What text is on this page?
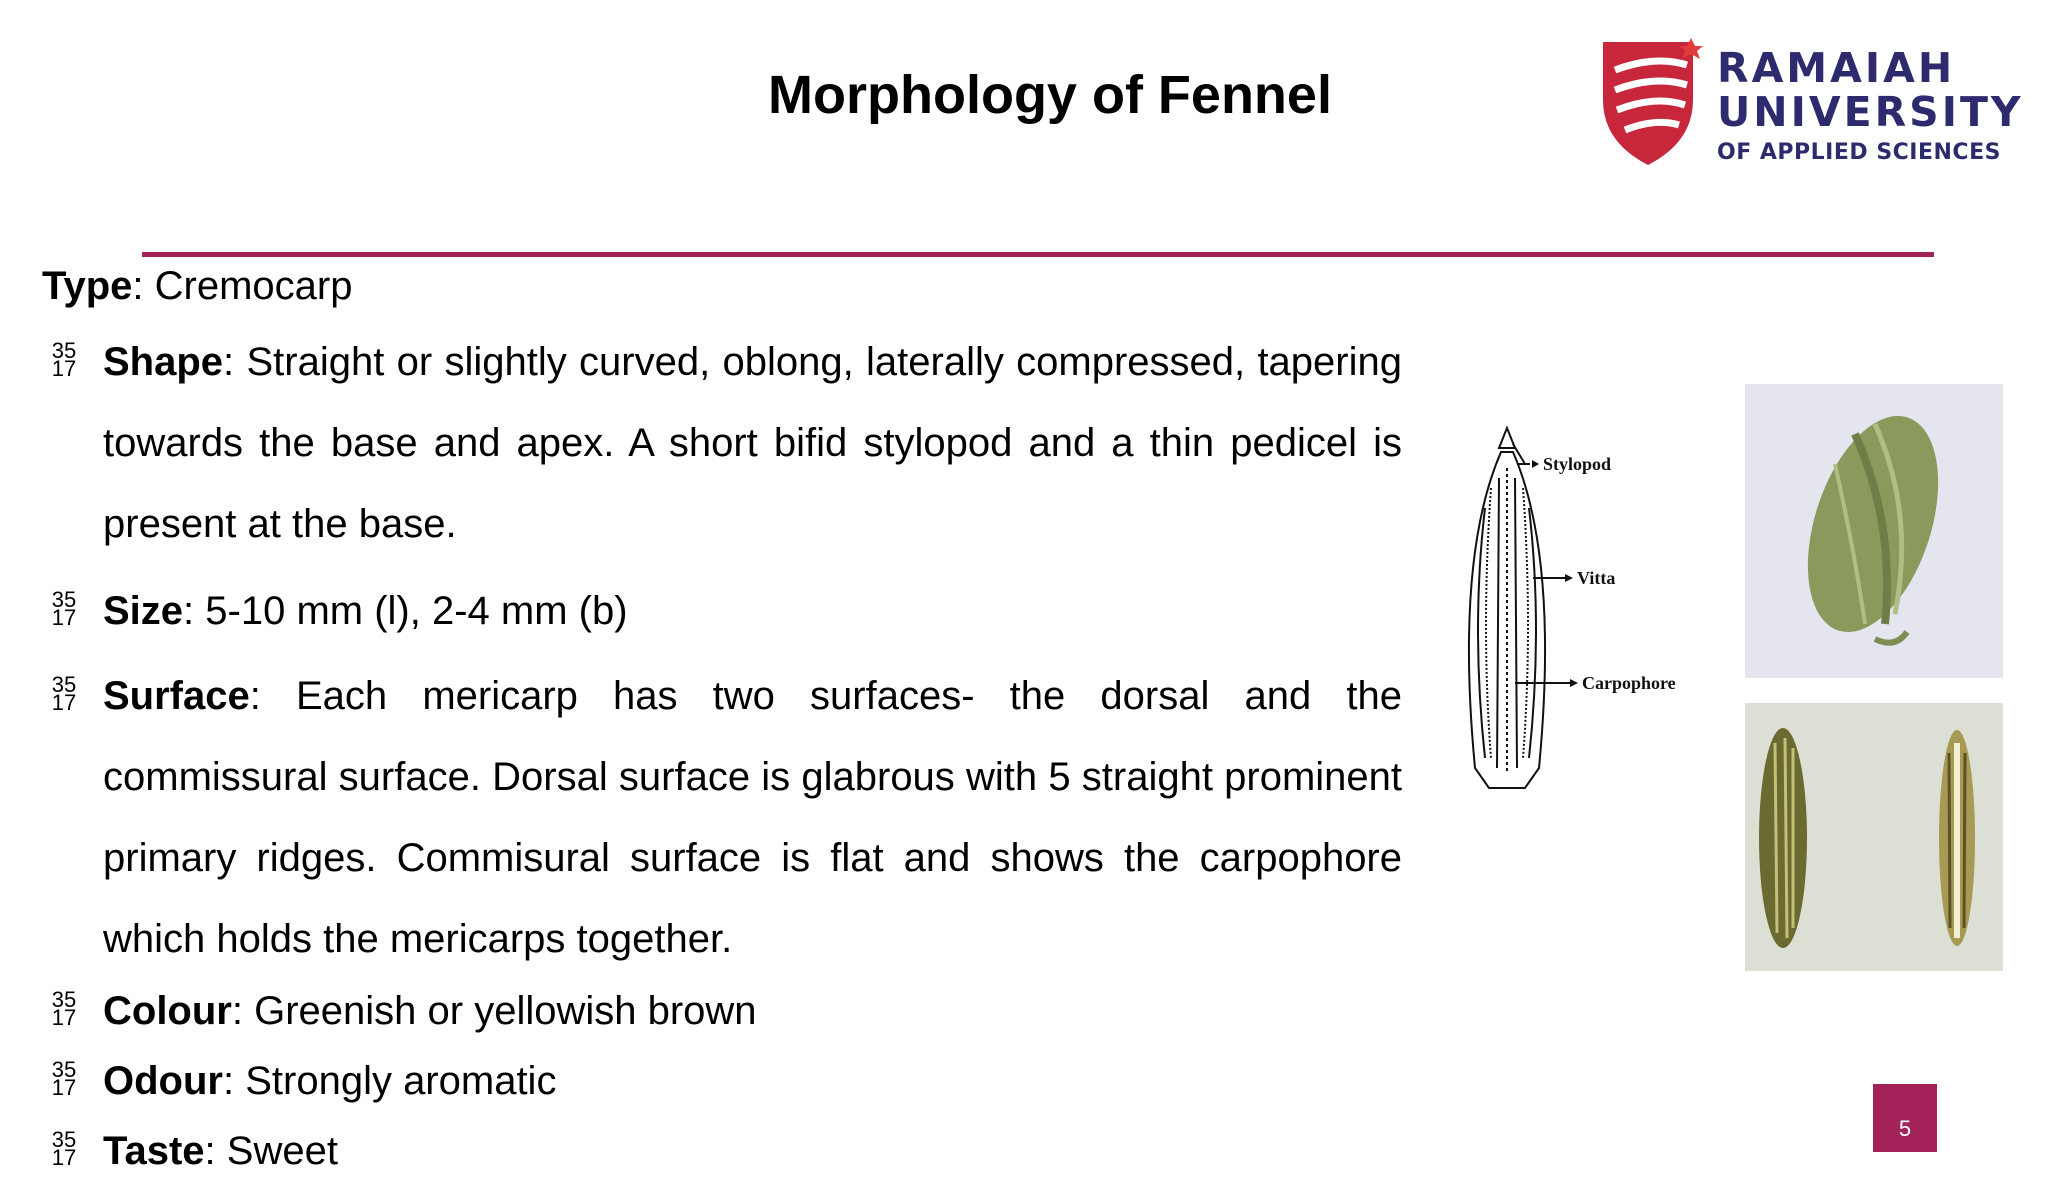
Morphology of Fennel	RAMAIAH
UNIVERSITY
OF APPLIED SCIENCES
Type: Cremocarp
35
17 Shape: Straight or slightly curved, oblong, laterally compressed, tapering towards the base and apex. A short bifid stylopod and a thin pedicel is present at the base.
35
17 Size: 5-10 mm (l), 2-4 mm (b)
35
17 Surface: Each mericarp has two surfaces- the dorsal and the commissural surface. Dorsal surface is glabrous with 5 straight prominent primary ridges. Commisural surface is flat and shows the carpophore which holds the mericarps together.
35
17 Colour: Greenish or yellowish brown
35
17 Odour: Strongly aromatic
35
17 Taste: Sweet
Stylopod
Vitta
Carpophore
5
